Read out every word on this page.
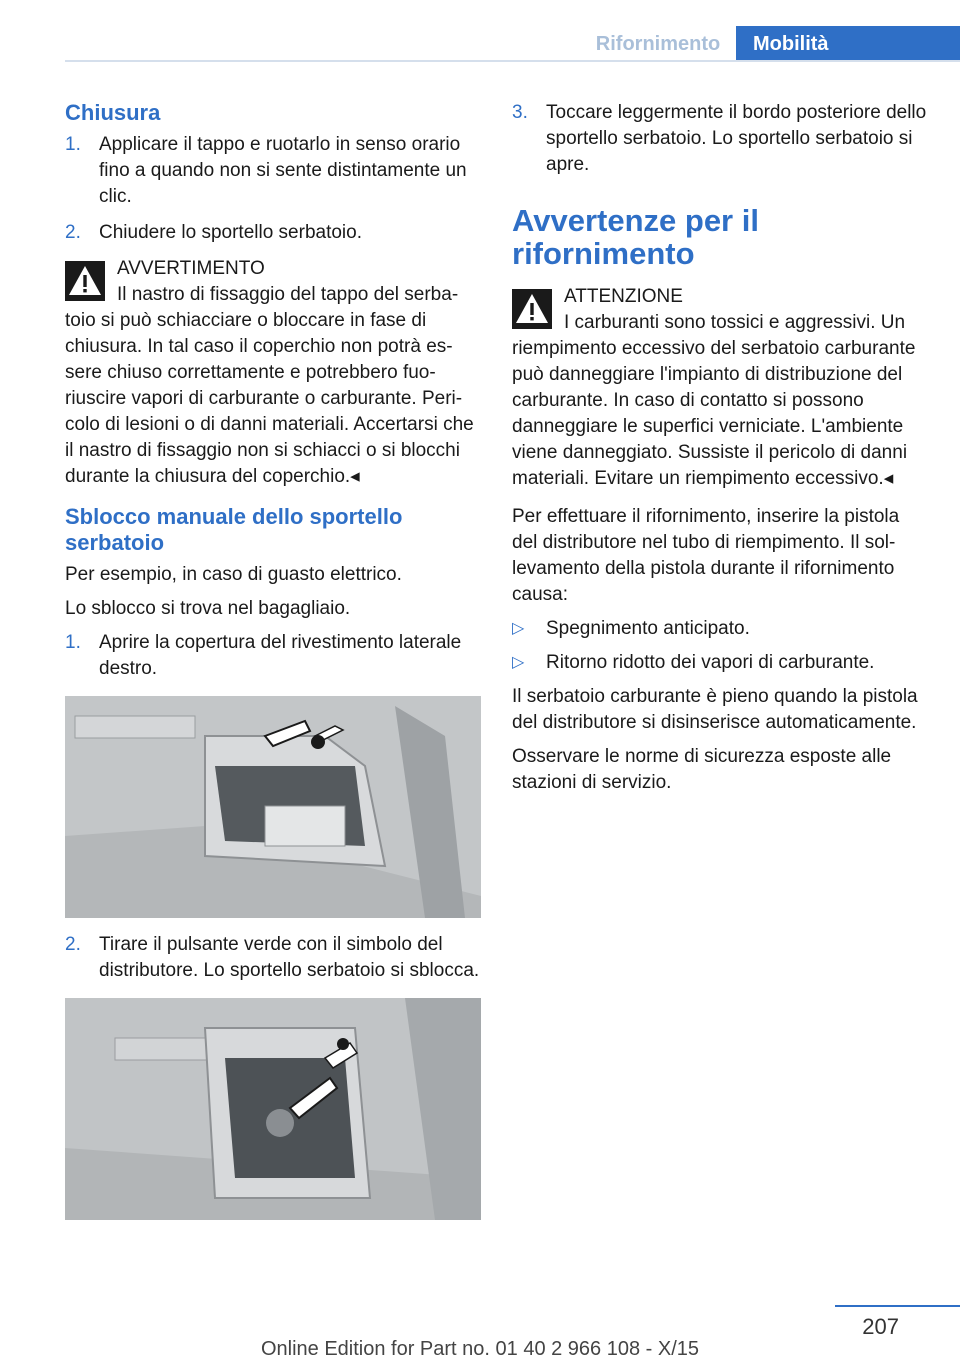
Rifornimento	Mobilità
Chiusura
1. Applicare il tappo e ruotarlo in senso orario fino a quando non si sente distintamente un clic.
2. Chiudere lo sportello serbatoio.
AVVERTIMENTO
Il nastro di fissaggio del tappo del serbatoio si può schiacciare o bloccare in fase di chiusura. In tal caso il coperchio non potrà essere chiuso correttamente e potrebbero fuoriuscire vapori di carburante o carburante. Pericolo di lesioni o di danni materiali. Accertarsi che il nastro di fissaggio non si schiacci o si blocchi durante la chiusura del coperchio.◂
Sblocco manuale dello sportello serbatoio

Per esempio, in caso di guasto elettrico.

Lo sblocco si trova nel bagagliaio.

1. Aprire la copertura del rivestimento laterale destro.
2. Tirare il pulsante verde con il simbolo del distributore. Lo sportello serbatoio si sblocca.
3. Toccare leggermente il bordo posteriore dello sportello serbatoio. Lo sportello serbatoio si apre.
Avvertenze per il rifornimento
ATTENZIONE
I carburanti sono tossici e aggressivi. Un riempimento eccessivo del serbatoio carburante può danneggiare l'impianto di distribuzione del carburante. In caso di contatto si possono danneggiare le superfici verniciate. L'ambiente viene danneggiato. Sussiste il pericolo di danni materiali. Evitare un riempimento eccessivo.◂

Per effettuare il rifornimento, inserire la pistola del distributore nel tubo di riempimento. Il sollevamento della pistola durante il rifornimento causa:

▷ Spegnimento anticipato.
▷ Ritorno ridotto dei vapori di carburante.

Il serbatoio carburante è pieno quando la pistola del distributore si disinserisce automaticamente.

Osservare le norme di sicurezza esposte alle stazioni di servizio.

207
Online Edition for Part no. 01 40 2 966 108 - X/15
